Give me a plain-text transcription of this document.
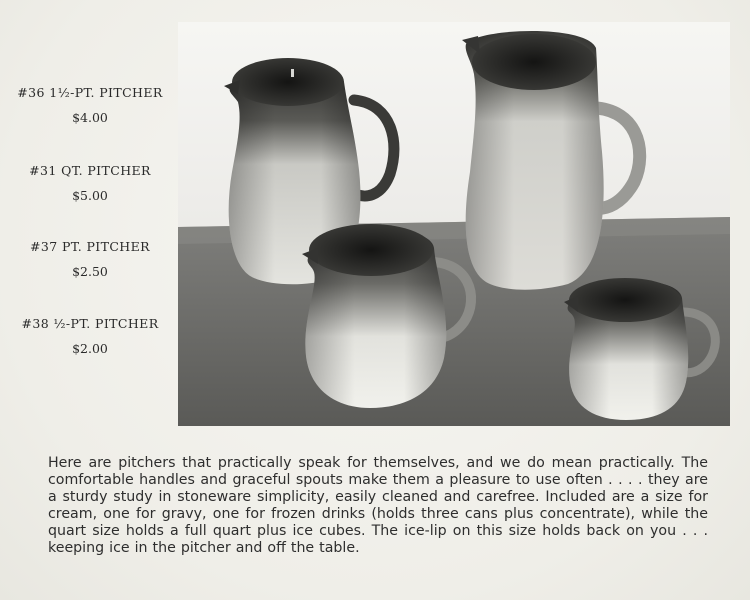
#36 1½-PT. PITCHER
$4.00
#31 QT. PITCHER
$5.00
#37 PT. PITCHER
$2.50
#38 ½-PT. PITCHER
$2.00

Here are pitchers that practically speak for themselves, and we do mean practically. The comfortable handles and graceful spouts make them a pleasure to use often . . . . they are a sturdy study in stoneware simplicity, easily cleaned and carefree. Included are a size for cream, one for gravy, one for frozen drinks (holds three cans plus concentrate), while the quart size holds a full quart plus ice cubes. The ice-lip on this size holds back on you . . . keeping ice in the pitcher and off the table.
